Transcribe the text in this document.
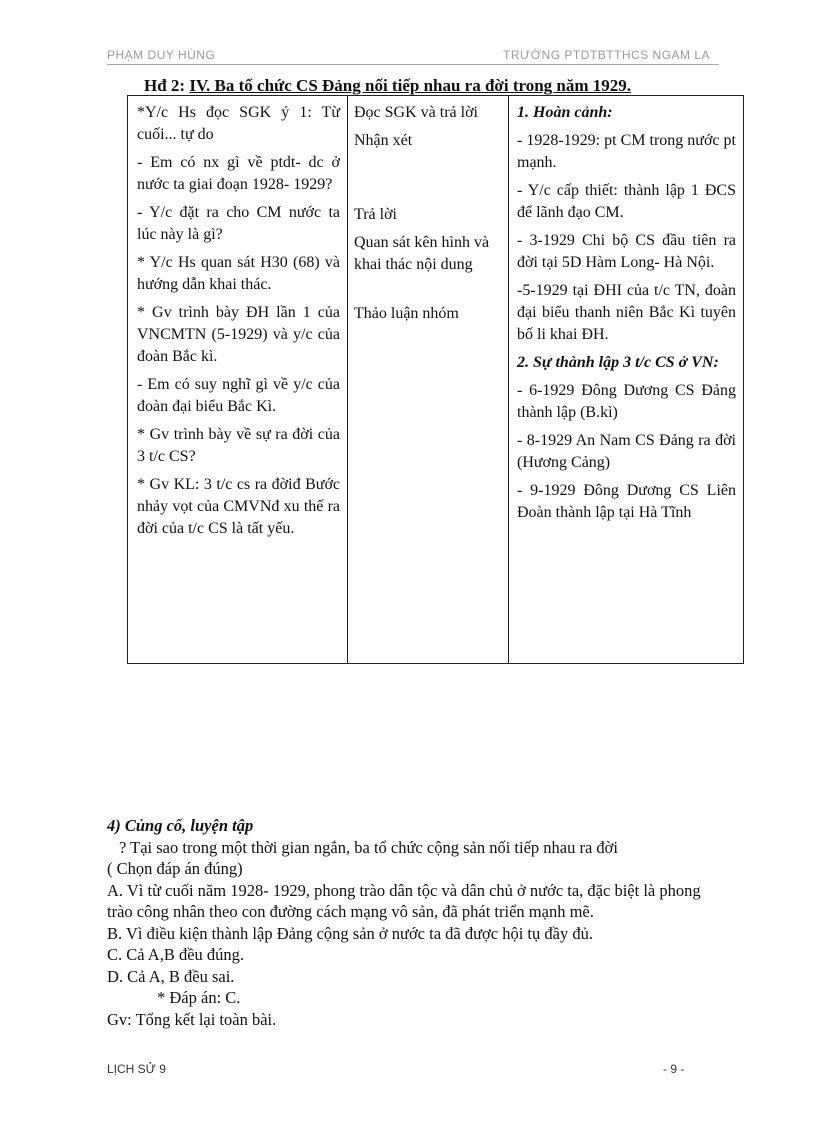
PHẠM DUY HÙNG	TRƯỜNG PTDTBTTHCS NGAM LA
Hđ 2: IV. Ba tổ chức CS Đảng nối tiếp nhau ra đời trong năm 1929.

*Y/c Hs đọc SGK ý 1: Từ cuối... tự do

- Em có nx gì về ptdt- dc ở nước ta giai đoạn 1928- 1929?

- Y/c đặt ra cho CM nước ta lúc này là gì?

* Y/c Hs quan sát H30 (68) và hướng dẫn khai thác.

* Gv trình bày ĐH lần 1 của VNCMTN (5-1929) và y/c của đoàn Bắc kì.

- Em có suy nghĩ gì về y/c của đoàn đại biểu Bắc Kì.

* Gv trình bày về sự ra đời của 3 t/c CS?

* Gv KL: 3 t/c cs ra đờiđ Bước nhảy vọt của CMVNđ xu thế ra đời của t/c CS là tất yếu.

Đọc SGK và trả lời

Nhận xét

Trả lời

Quan sát kên hình và khai thác nội dung

Thảo luận nhóm

1. Hoàn cảnh:

- 1928-1929: pt CM trong nước pt mạnh.

- Y/c cấp thiết: thành lập 1 ĐCS để lãnh đạo CM.

- 3-1929 Chi bộ CS đầu tiên ra đời tại 5D Hàm Long- Hà Nội.

-5-1929 tại ĐHI của t/c TN, đoàn đại biểu thanh niên Bắc Kì tuyên bố li khai ĐH.

2. Sự thành lập 3 t/c CS ở VN:

- 6-1929 Đông Dương CS Đảng thành lập (B.kì)

- 8-1929 An Nam CS Đảng ra đời (Hương Cảng)

- 9-1929 Đông Dương CS Liên Đoàn thành lập tại Hà Tĩnh

4) Củng cố, luyện tập

? Tại sao trong một thời gian ngắn, ba tổ chức cộng sản nối tiếp nhau ra đời

( Chọn đáp án đúng)

A. Vì từ cuối năm 1928- 1929, phong trào dân tộc và dân chủ ở nước ta, đặc biệt là phong trào công nhân theo con đường cách mạng vô sản, đã phát triển mạnh mẽ.

B. Vì điều kiện thành lập Đảng cộng sản ở nước ta đã được hội tụ đầy đủ.

C. Cả A,B đều đúng.

D. Cả A, B đều sai.

* Đáp án: C.

Gv: Tổng kết lại toàn bài.

LỊCH SỬ 9	- 9 -
